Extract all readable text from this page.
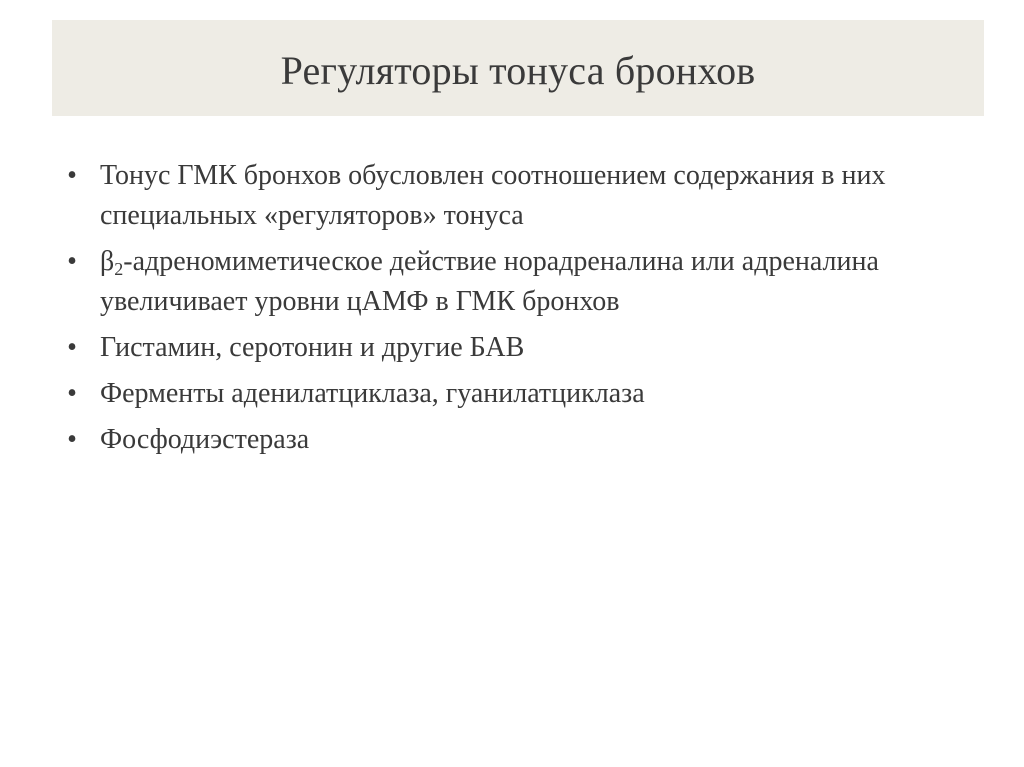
Регуляторы тонуса бронхов
• Тонус ГМК бронхов обусловлен соотношением содержания в них специальных «регуляторов» тонуса
• β2-адреномиметическое действие норадреналина или адреналина увеличивает уровни цАМФ в ГМК бронхов
• Гистамин, серотонин и другие БАВ
• Ферменты аденилатциклаза, гуанилатциклаза
• Фосфодиэстераза
